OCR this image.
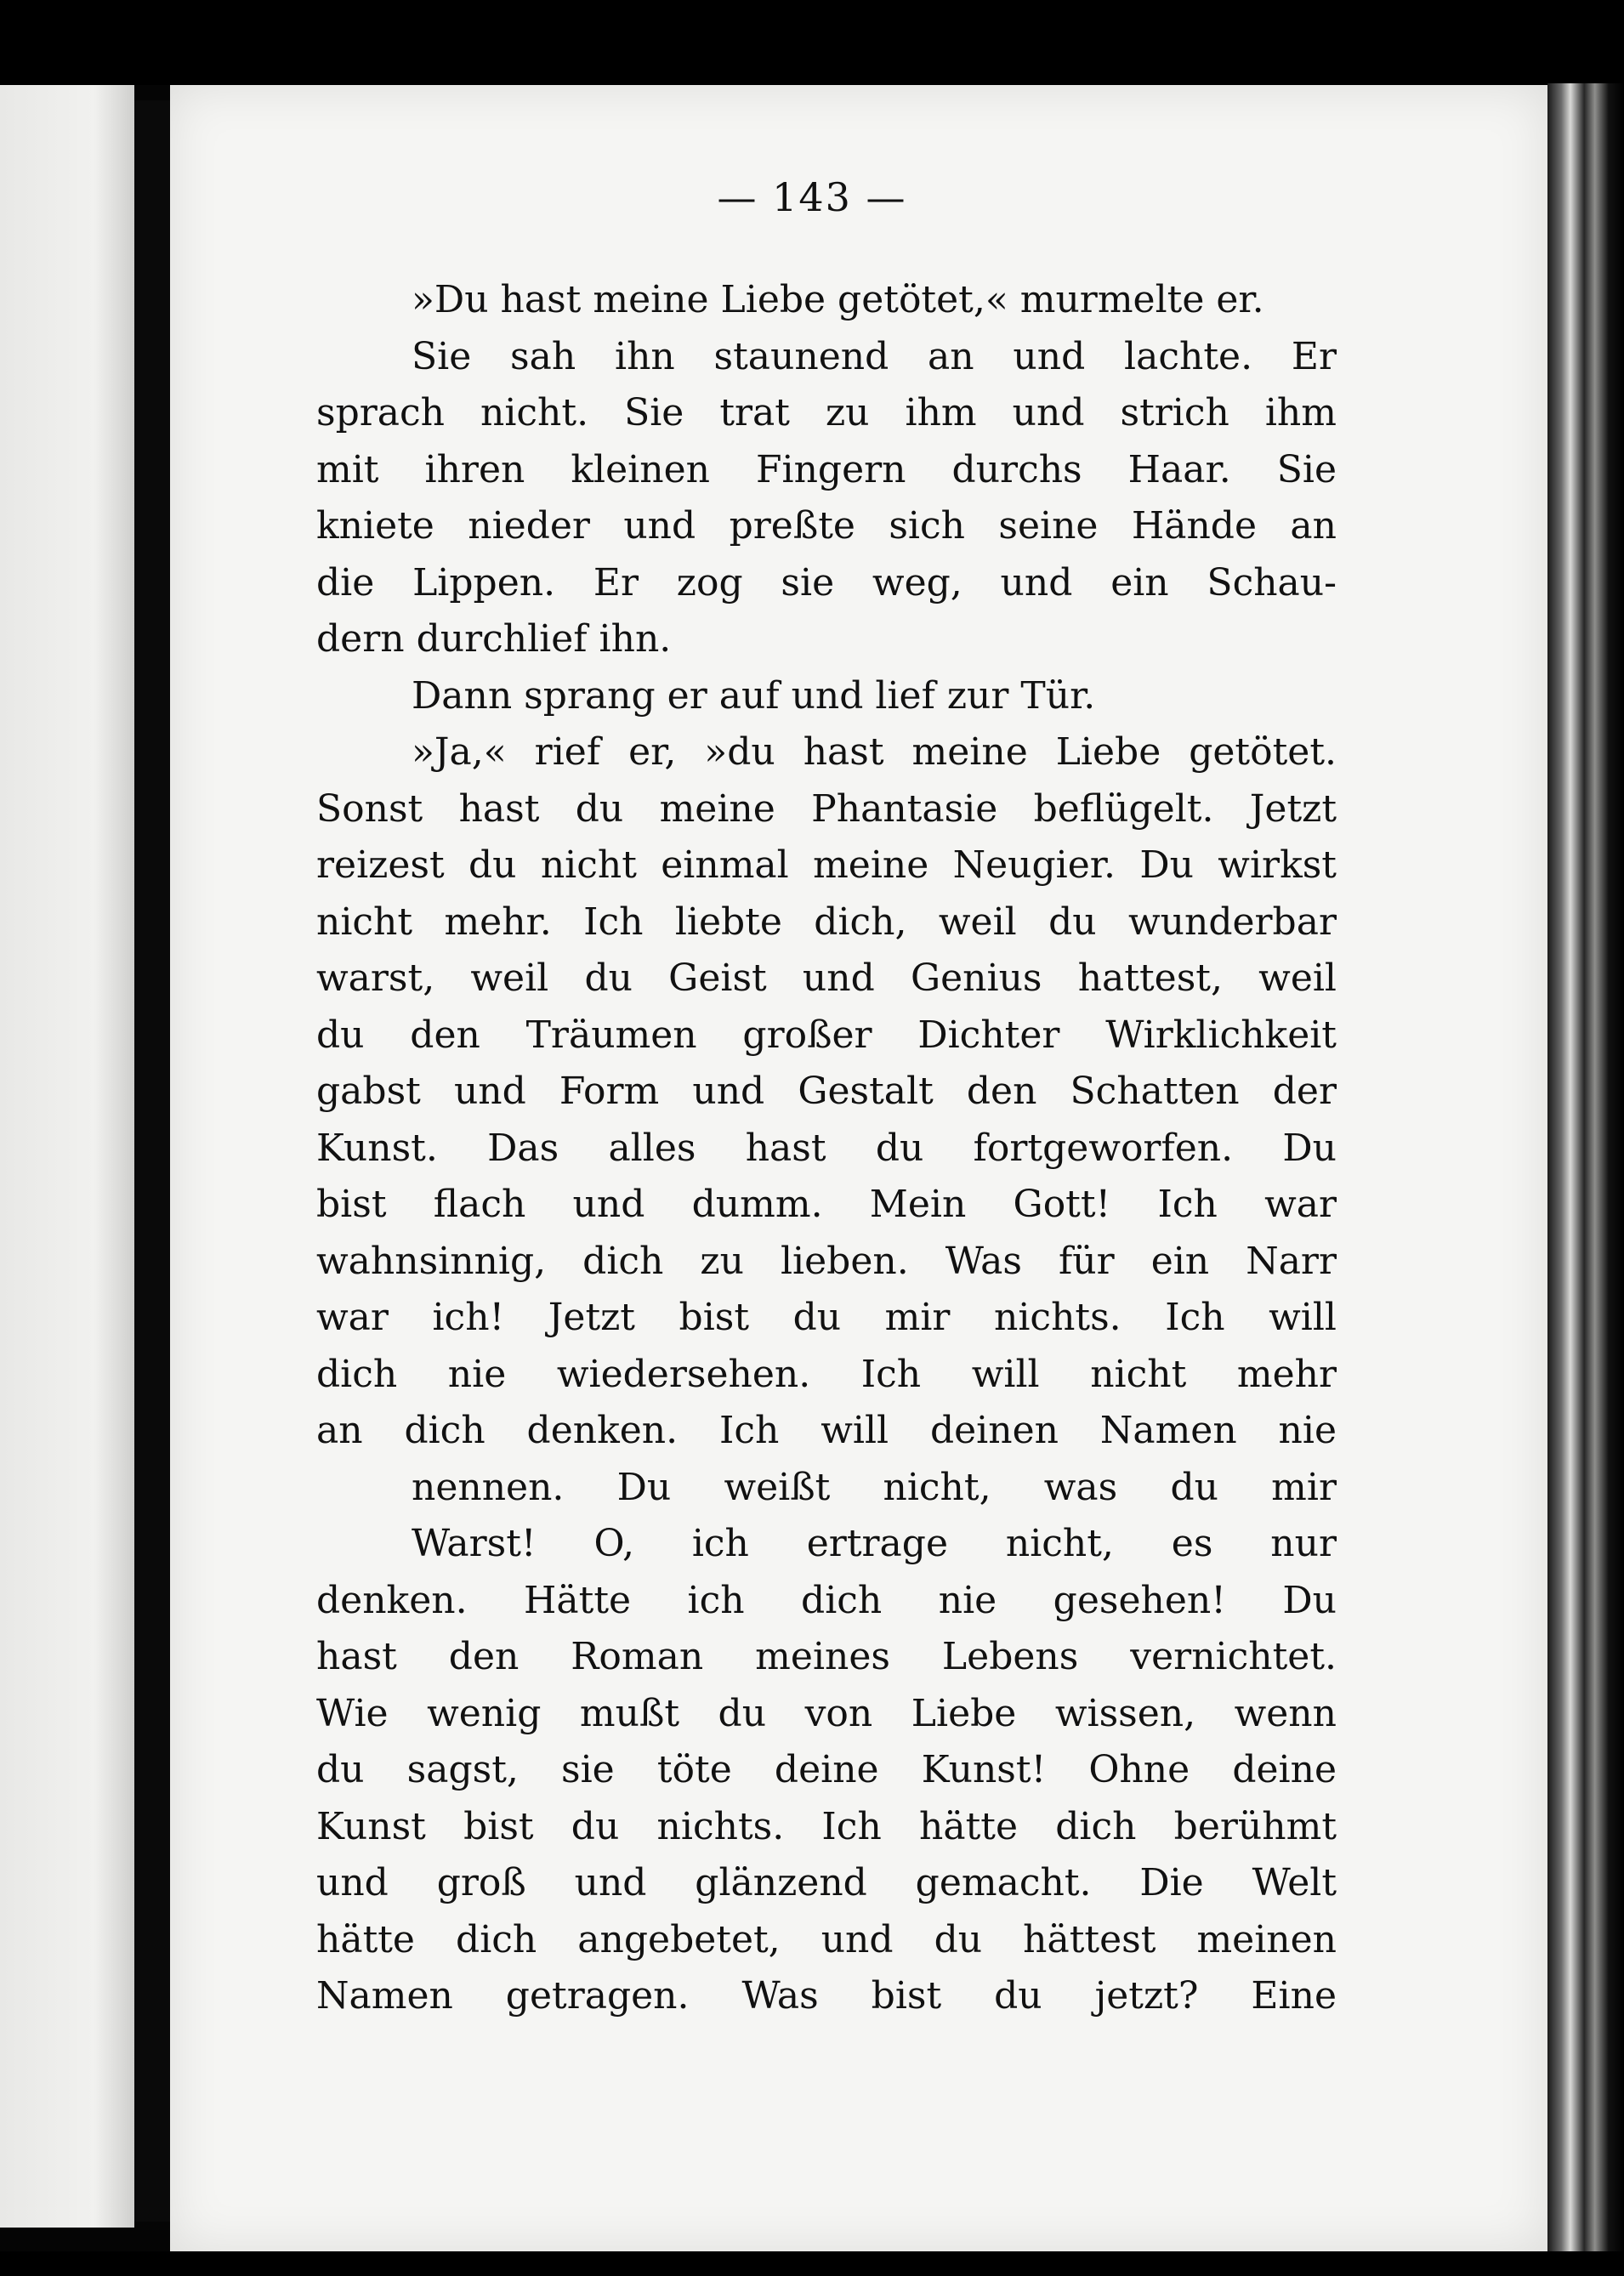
— 143 —
»Du hast meine Liebe getötet,« murmelte er.
Sie sah ihn staunend an und lachte. Er
sprach nicht. Sie trat zu ihm und strich ihm
mit ihren kleinen Fingern durchs Haar. Sie
kniete nieder und preßte sich seine Hände an
die Lippen. Er zog sie weg, und ein Schau-
dern durchlief ihn.
Dann sprang er auf und lief zur Tür.
»Ja,« rief er, »du hast meine Liebe getötet.
Sonst hast du meine Phantasie beflügelt. Jetzt
reizest du nicht einmal meine Neugier. Du wirkst
nicht mehr. Ich liebte dich, weil du wunderbar
warst, weil du Geist und Genius hattest, weil
du den Träumen großer Dichter Wirklichkeit
gabst und Form und Gestalt den Schatten der
Kunst. Das alles hast du fortgeworfen. Du
bist flach und dumm. Mein Gott! Ich war
wahnsinnig, dich zu lieben. Was für ein Narr
war ich! Jetzt bist du mir nichts. Ich will
dich nie wiedersehen. Ich will nicht mehr
an dich denken. Ich will deinen Namen nie
nennen. Du weißt nicht, was du mir
Warst! O, ich ertrage nicht, es nur
denken. Hätte ich dich nie gesehen! Du
hast den Roman meines Lebens vernichtet.
Wie wenig mußt du von Liebe wissen, wenn
du sagst, sie töte deine Kunst! Ohne deine
Kunst bist du nichts. Ich hätte dich berühmt
und groß und glänzend gemacht. Die Welt
hätte dich angebetet, und du hättest meinen
Namen getragen. Was bist du jetzt? Eine
